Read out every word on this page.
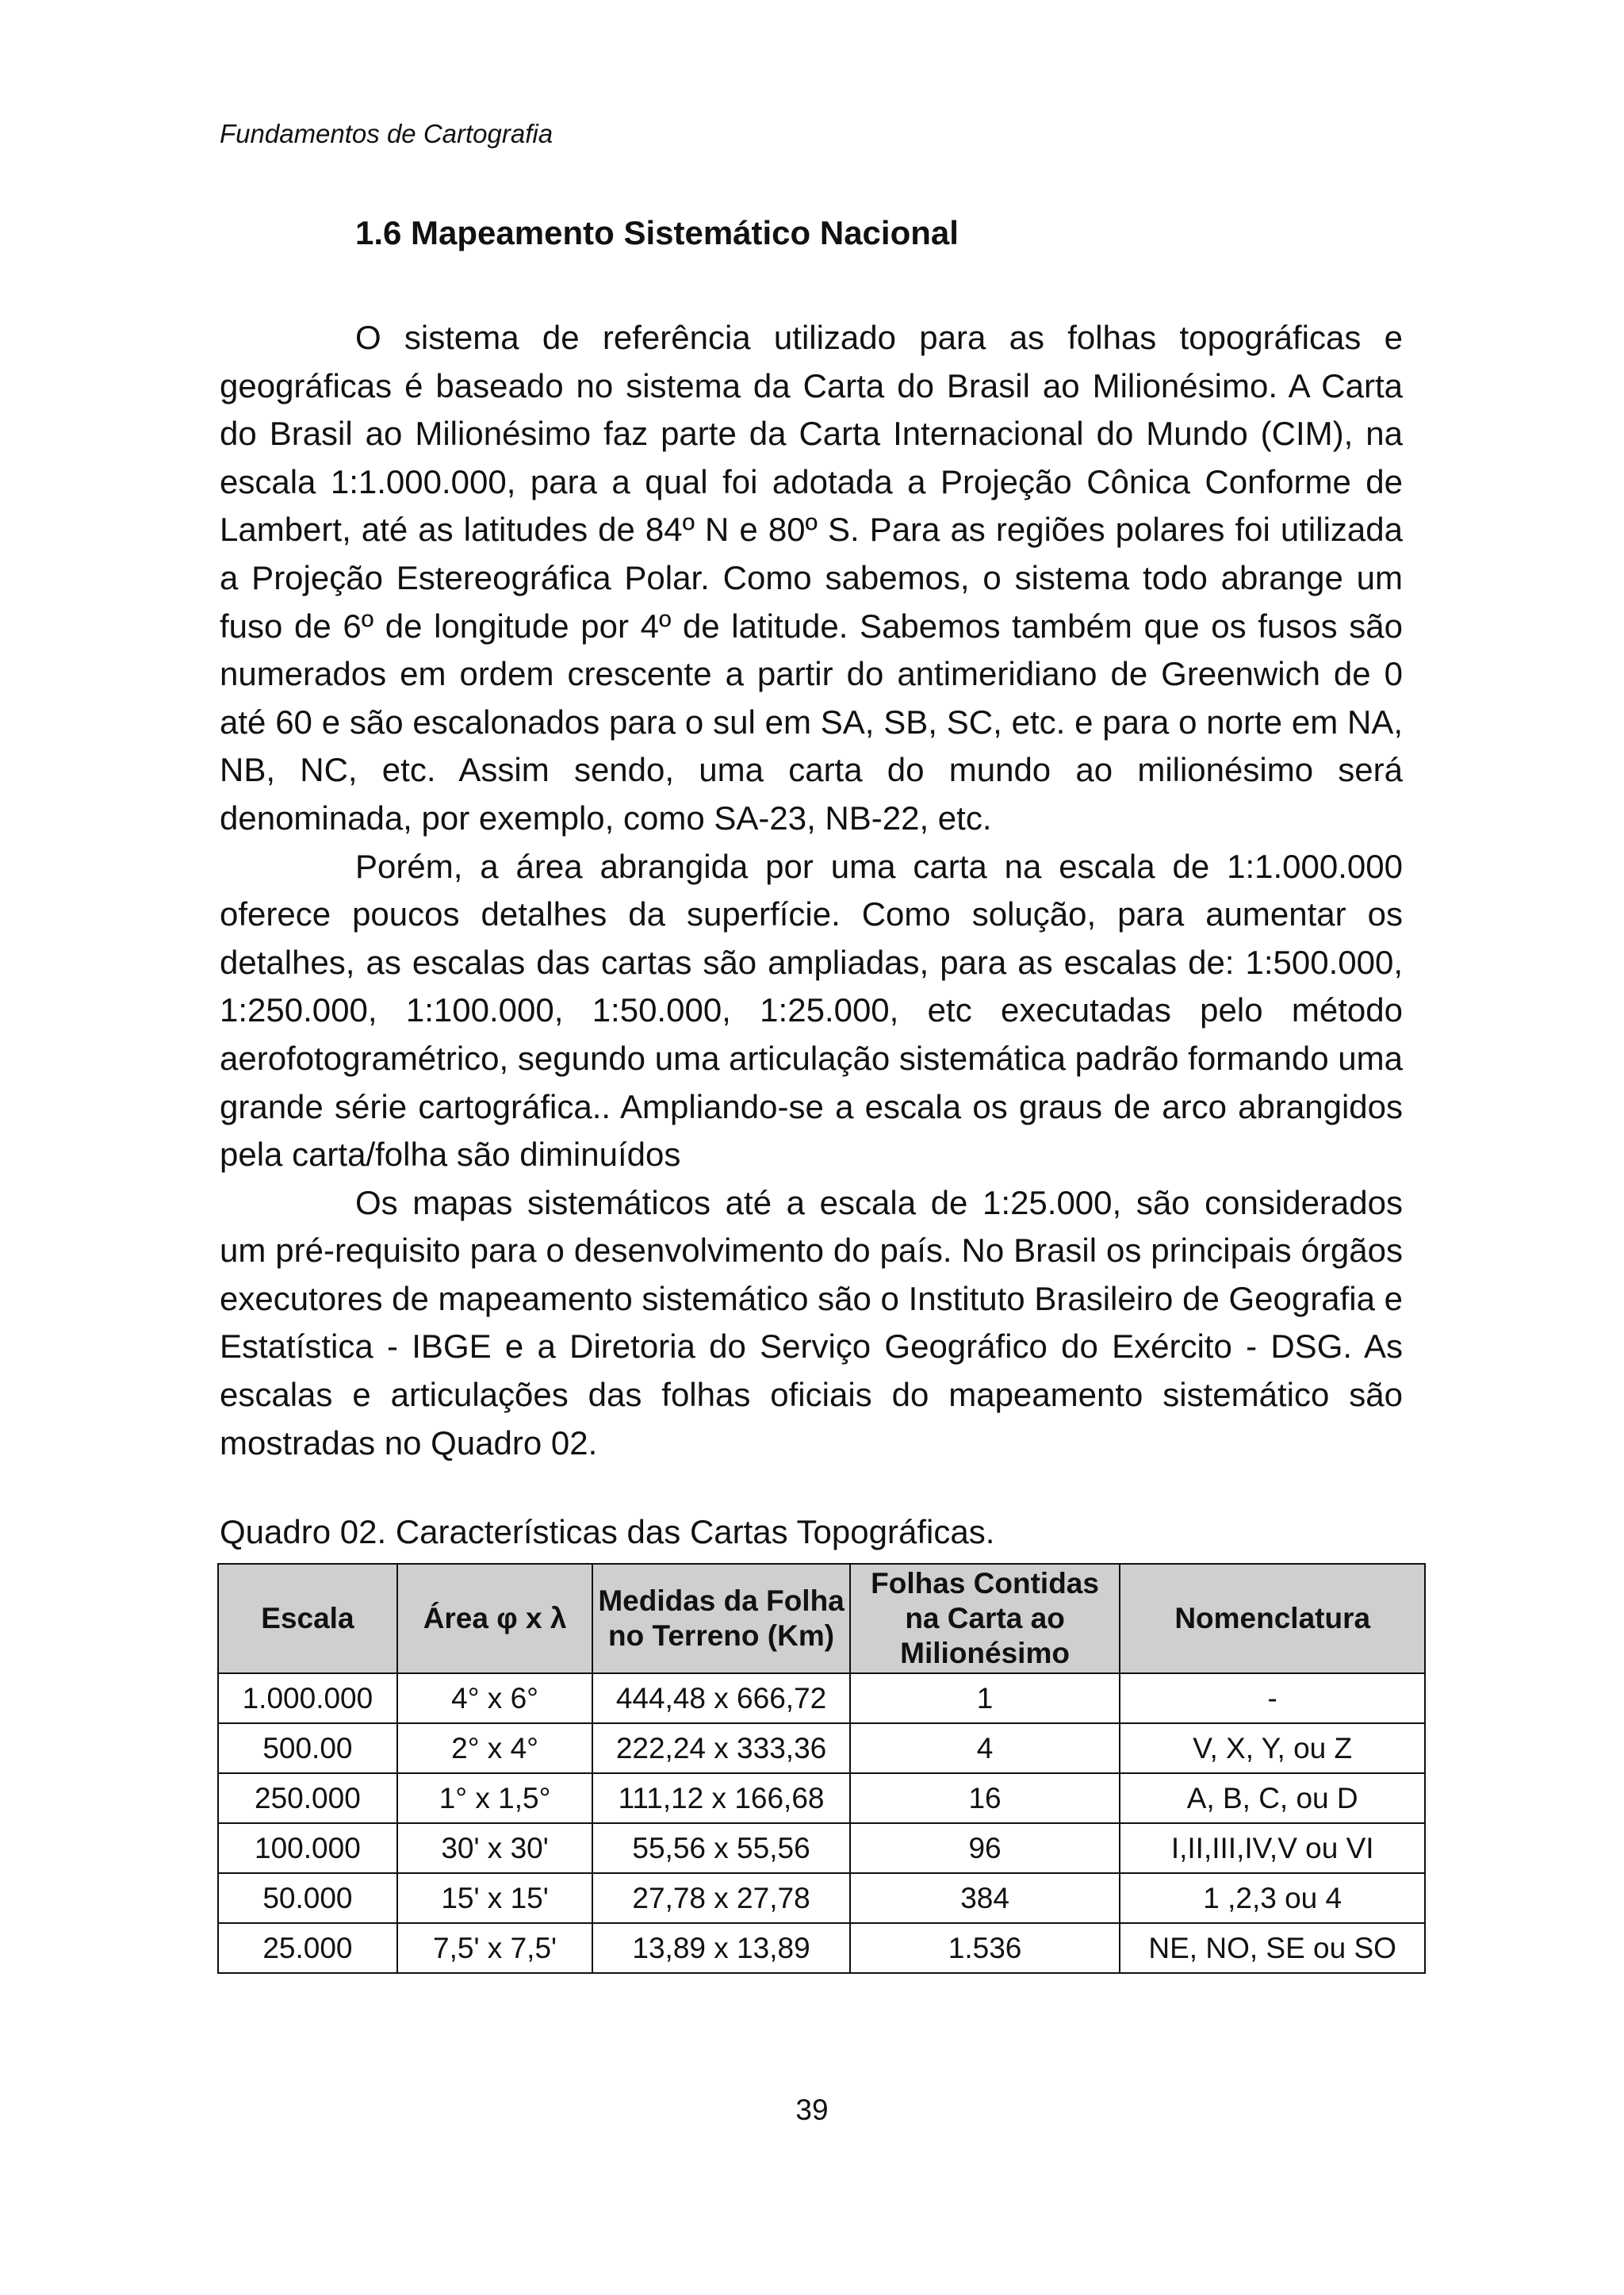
Fundamentos de Cartografia
1.6 Mapeamento Sistemático Nacional

O sistema de referência utilizado para as folhas topográficas e geográficas é baseado no sistema da Carta do Brasil ao Milionésimo. A Carta do Brasil ao Milionésimo faz parte da Carta Internacional do Mundo (CIM), na escala 1:1.000.000, para a qual foi adotada a Projeção Cônica Conforme de Lambert, até as latitudes de 84º N e 80º S. Para as regiões polares foi utilizada a Projeção Estereográfica Polar. Como sabemos, o sistema todo abrange um fuso de 6º de longitude por 4º de latitude. Sabemos também que os fusos são numerados em ordem crescente a partir do antimeridiano de Greenwich de 0 até 60 e são escalonados para o sul em SA, SB, SC, etc. e para o norte em NA, NB, NC, etc. Assim sendo, uma carta do mundo ao milionésimo será denominada, por exemplo, como SA-23, NB-22, etc.

Porém, a área abrangida por uma carta na escala de 1:1.000.000 oferece poucos detalhes da superfície. Como solução, para aumentar os detalhes, as escalas das cartas são ampliadas, para as escalas de: 1:500.000, 1:250.000, 1:100.000, 1:50.000, 1:25.000, etc executadas pelo método aerofotogramétrico, segundo uma articulação sistemática padrão formando uma grande série cartográfica.. Ampliando-se a escala os graus de arco abrangidos pela carta/folha são diminuídos

Os mapas sistemáticos até a escala de 1:25.000, são considerados um pré-requisito para o desenvolvimento do país. No Brasil os principais órgãos executores de mapeamento sistemático são o Instituto Brasileiro de Geografia e Estatística - IBGE e a Diretoria do Serviço Geográfico do Exército - DSG. As escalas e articulações das folhas oficiais do mapeamento sistemático são mostradas no Quadro 02.

Quadro 02. Características das Cartas Topográficas.
Escala	Área φ x λ	Medidas da Folha no Terreno (Km)	Folhas Contidas na Carta ao Milionésimo	Nomenclatura
1.000.000	4° x 6°	444,48 x 666,72	1	-
500.00	2° x 4°	222,24 x 333,36	4	V, X, Y, ou Z
250.000	1° x 1,5°	111,12 x 166,68	16	A, B, C, ou D
100.000	30' x 30'	55,56 x 55,56	96	I,II,III,IV,V ou VI
50.000	15' x 15'	27,78 x 27,78	384	1 ,2,3 ou 4
25.000	7,5' x 7,5'	13,89 x 13,89	1.536	NE, NO, SE ou SO
39
